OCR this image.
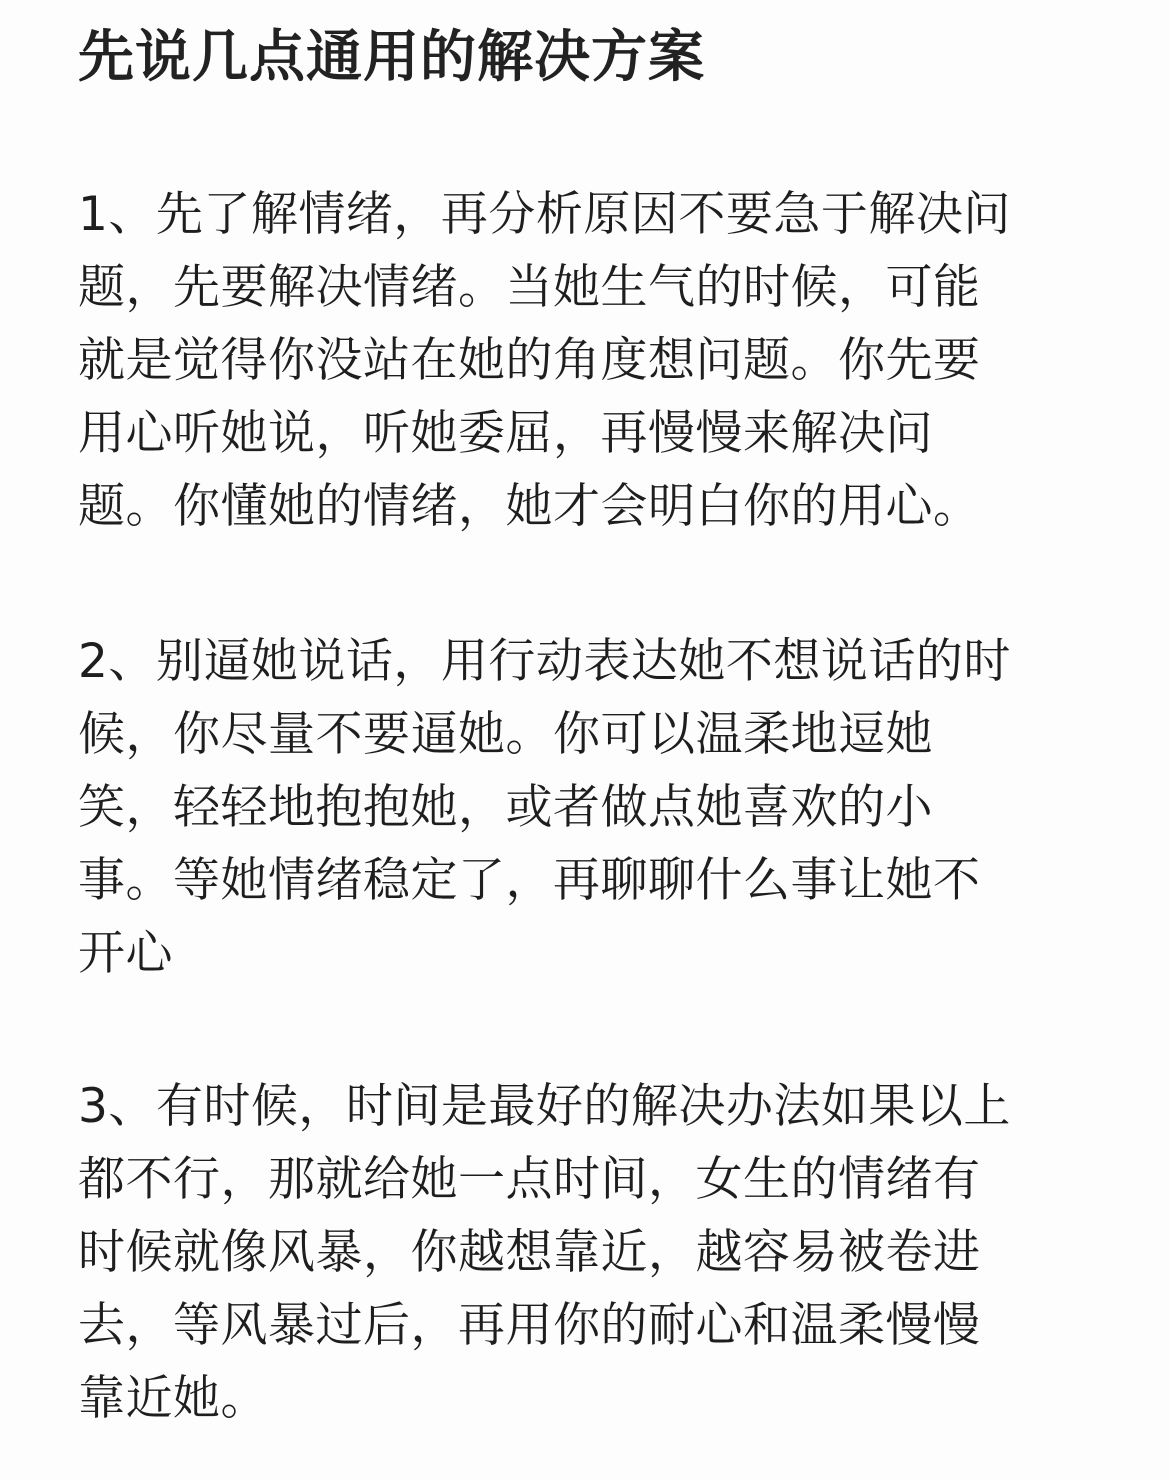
先说几点通用的解决方案

1、先了解情绪，再分析原因不要急于解决问
题，先要解决情绪。当她生气的时候，可能
就是觉得你没站在她的角度想问题。你先要
用心听她说，听她委屈，再慢慢来解决问
题。你懂她的情绪，她才会明白你的用心。

2、别逼她说话，用行动表达她不想说话的时
候，你尽量不要逼她。你可以温柔地逗她
笑，轻轻地抱抱她，或者做点她喜欢的小
事。等她情绪稳定了，再聊聊什么事让她不
开心

3、有时候，时间是最好的解决办法如果以上
都不行，那就给她一点时间，女生的情绪有
时候就像风暴，你越想靠近，越容易被卷进
去，等风暴过后，再用你的耐心和温柔慢慢
靠近她。
